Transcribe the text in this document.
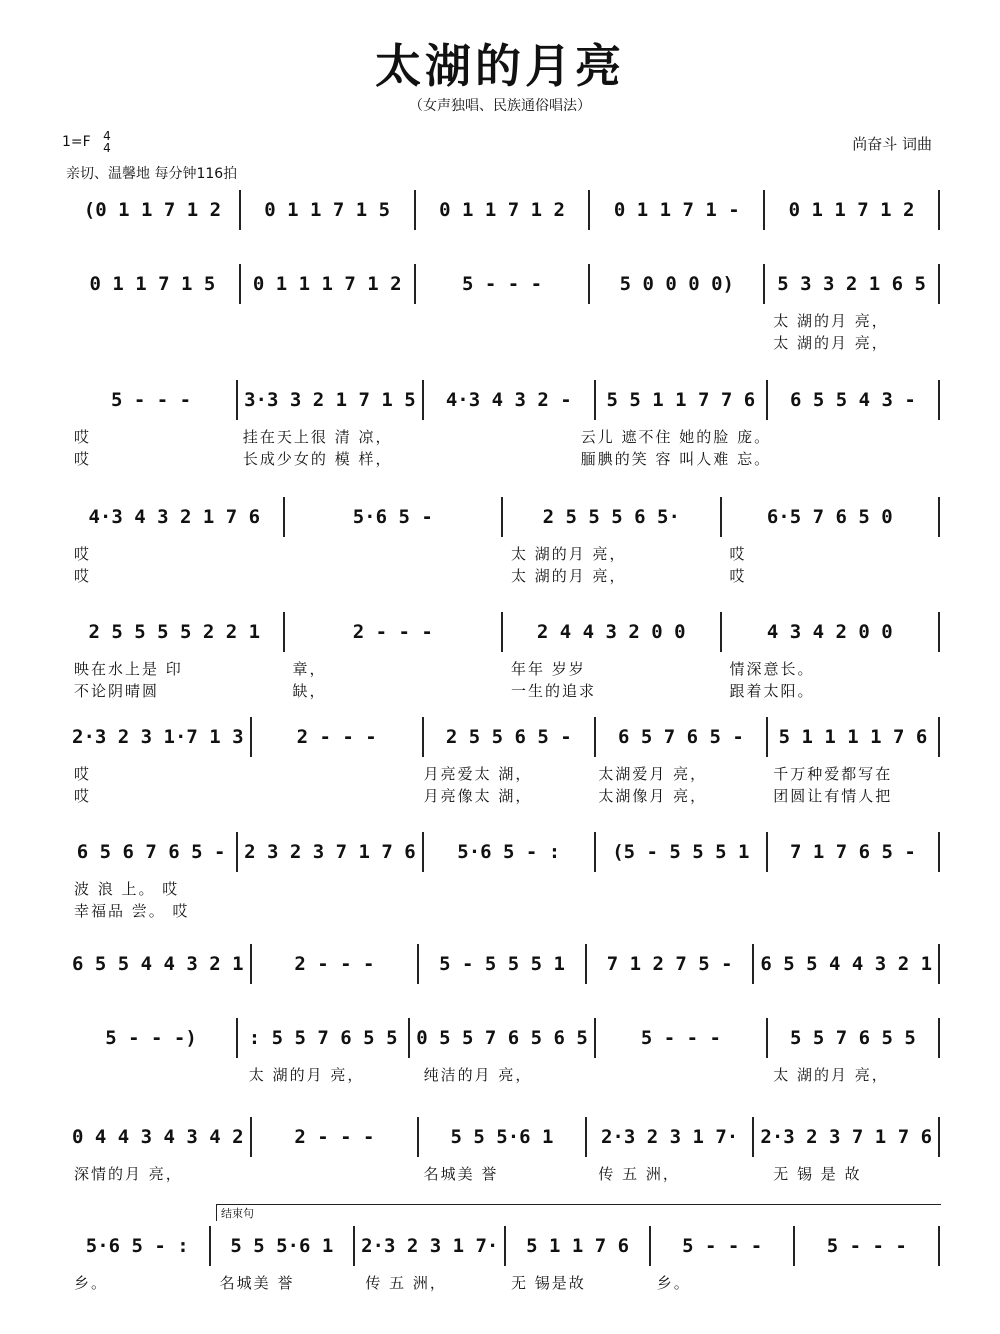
太湖的月亮
（女声独唱、民族通俗唱法）
1=F 4
4	尚奋斗 词曲
亲切、温馨地 每分钟116拍
(0 1 1 7 1 2	0 1 1 7 1 5	0 1 1 7 1 2	0 1 1 7 1 -	0 1 1 7 1 2
0 1 1 7 1 5	0 1 1 1 7 1 2	5 - - -	5 0 0 0 0)	5 3 3 2 1 6 5
太 湖的月 亮，
太 湖的月 亮，
5 - - -	3·3 3 2 1 7 1 5	4·3 4 3 2 -	5 5 1 1 7 7 6	6 5 5 4 3 -
哎	挂在天上很 清 凉，	云儿 遮不住 她的脸 庞。
哎	长成少女的 模 样，	腼腆的笑 容 叫人难 忘。
4·3 4 3 2 1 7 6	5·6 5 -	2 5 5 5 6 5·	6·5 7 6 5 0
哎	太 湖的月 亮，	哎
哎	太 湖的月 亮，	哎
2 5 5 5 5 2 2 1	2 - - -	2 4 4 3 2 0 0	4 3 4 2 0 0
映在水上是 印	章，	年年 岁岁	情深意长。
不论阴晴圆	缺，	一生的追求	跟着太阳。
2·3 2 3 1·7 1 3	2 - - -	2 5 5 6 5 -	6 5 7 6 5 -	5 1 1 1 1 7 6
哎	月亮爱太 湖，	太湖爱月 亮，	千万种爱都写在
哎	月亮像太 湖，	太湖像月 亮，	团圆让有情人把
6 5 6 7 6 5 - 2 3 2 3 7 1 7 6	5·6 5 - :	(5 - 5 5 5 1	7 1 7 6 5 -
波 浪 上。 哎
幸福品 尝。 哎
6 5 5 4 4 3 2 1	2 - - -	5 - 5 5 5 1	7 1 2 7 5 -	6 5 5 4 4 3 2 1
5 - - -)	: 5 5 7 6 5 5 0 5 5 7 6 5 6 5	5 - - -	5 5 7 6 5 5
太 湖的月 亮，	纯洁的月 亮，	太 湖的月 亮，
0 4 4 3 4 3 4 2	2 - - -	5 5 5·6 1	2·3 2 3 1 7·	2·3 2 3 7 1 7 6
深情的月 亮，	名城美 誉	传 五 洲，	无 锡 是 故
5·6 5 - :	5 5 5·6 1	2·3 2 3 1 7·	5 1 1 7 6	5 - - -	5 - - -
结束句
乡。	名城美 誉	传 五 洲，	无 锡是故	乡。
